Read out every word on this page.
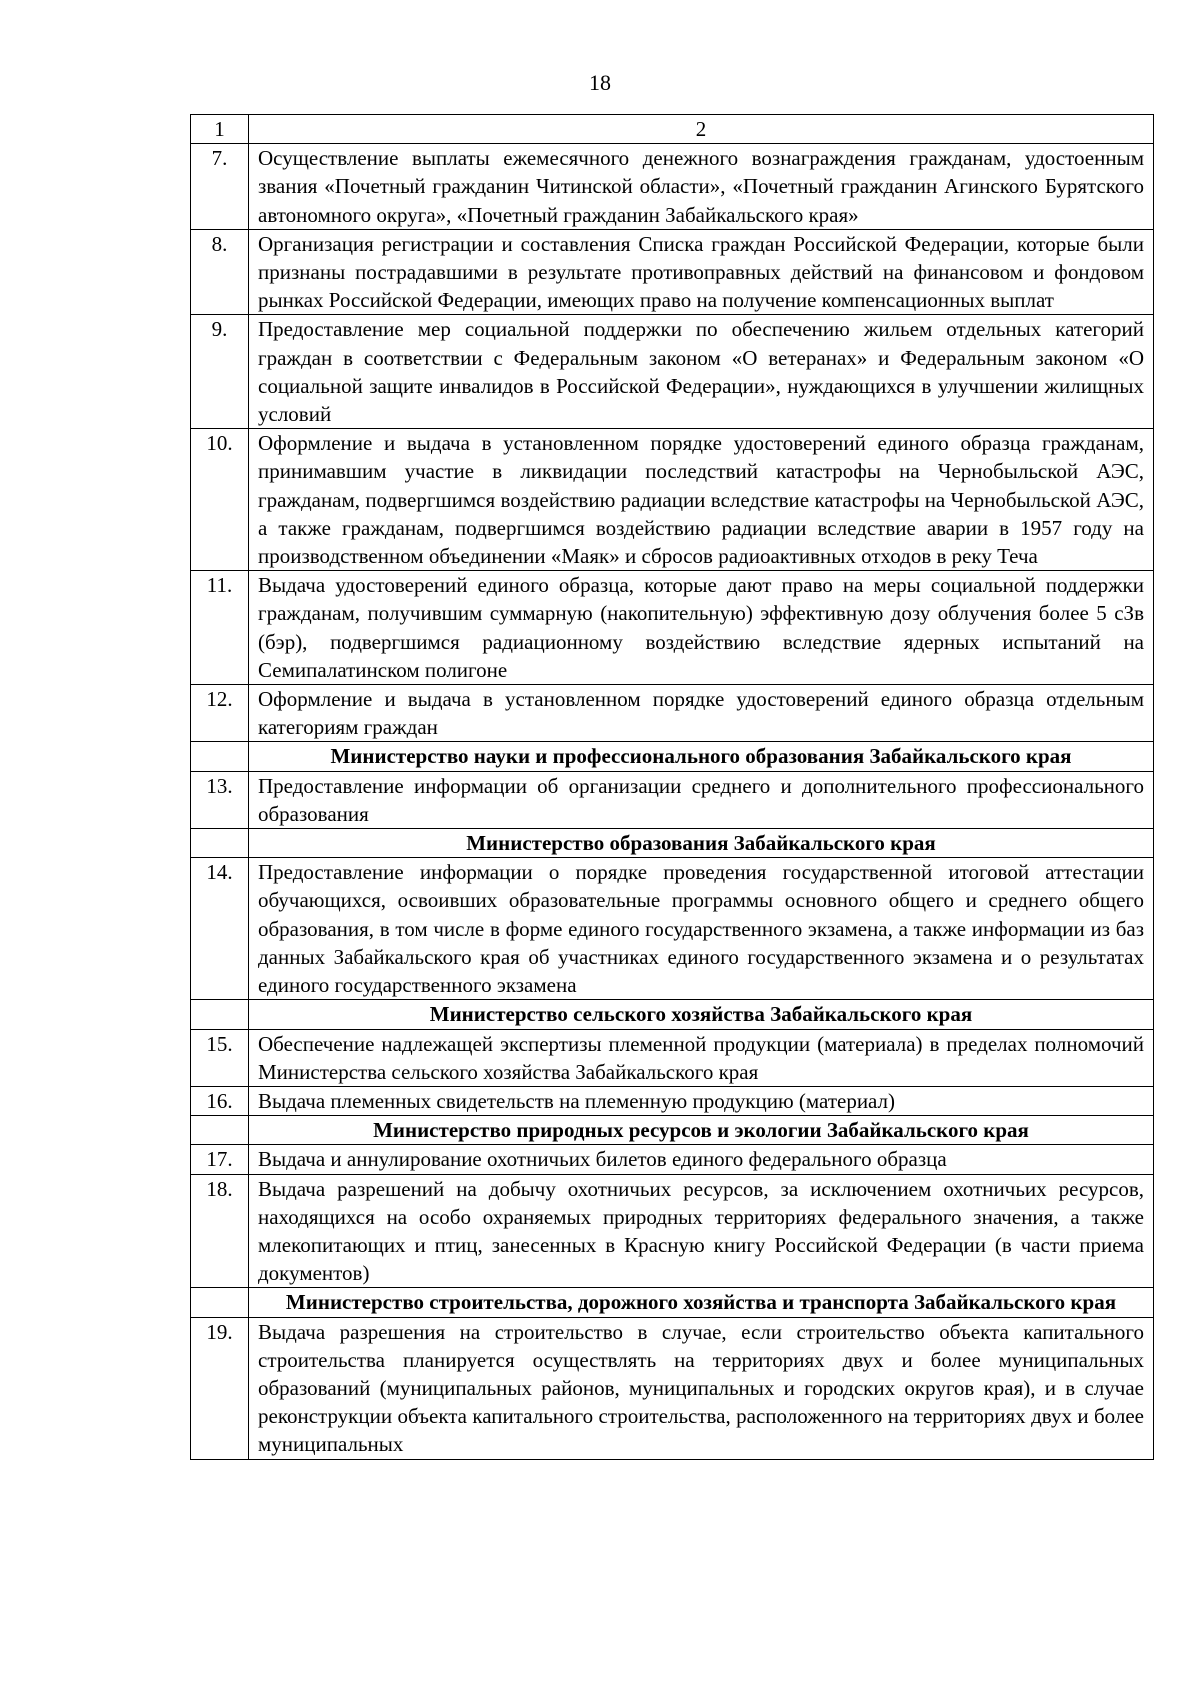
18
1	2
7.	Осуществление выплаты ежемесячного денежного вознаграждения гражданам, удостоенным звания «Почетный гражданин Читинской области», «Почетный гражданин Агинского Бурятского автономного округа», «Почетный гражданин Забайкальского края»
8.	Организация регистрации и составления Списка граждан Российской Федерации, которые были признаны пострадавшими в результате противоправных действий на финансовом и фондовом рынках Российской Федерации, имеющих право на получение компенсационных выплат
9.	Предоставление мер социальной поддержки по обеспечению жильем отдельных категорий граждан в соответствии с Федеральным законом «О ветеранах» и Федеральным законом «О социальной защите инвалидов в Российской Федерации», нуждающихся в улучшении жилищных условий
10.	Оформление и выдача в установленном порядке удостоверений единого образца гражданам, принимавшим участие в ликвидации последствий катастрофы на Чернобыльской АЭС, гражданам, подвергшимся воздействию радиации вследствие катастрофы на Чернобыльской АЭС, а также гражданам, подвергшимся воздействию радиации вследствие аварии в 1957 году на производственном объединении «Маяк» и сбросов радиоактивных отходов в реку Теча
11.	Выдача удостоверений единого образца, которые дают право на меры социальной поддержки гражданам, получившим суммарную (накопительную) эффективную дозу облучения более 5 сЗв (бэр), подвергшимся радиационному воздействию вследствие ядерных испытаний на Семипалатинском полигоне
12.	Оформление и выдача в установленном порядке удостоверений единого образца отдельным категориям граждан
	Министерство науки и профессионального образования Забайкальского края
13.	Предоставление информации об организации среднего и дополнительного профессионального образования
	Министерство образования Забайкальского края
14.	Предоставление информации о порядке проведения государственной итоговой аттестации обучающихся, освоивших образовательные программы основного общего и среднего общего образования, в том числе в форме единого государственного экзамена, а также информации из баз данных Забайкальского края об участниках единого государственного экзамена и о результатах единого государственного экзамена
	Министерство сельского хозяйства Забайкальского края
15.	Обеспечение надлежащей экспертизы племенной продукции (материала) в пределах полномочий Министерства сельского хозяйства Забайкальского края
16.	Выдача племенных свидетельств на племенную продукцию (материал)
	Министерство природных ресурсов и экологии Забайкальского края
17.	Выдача и аннулирование охотничьих билетов единого федерального образца
18.	Выдача разрешений на добычу охотничьих ресурсов, за исключением охотничьих ресурсов, находящихся на особо охраняемых природных территориях федерального значения, а также млекопитающих и птиц, занесенных в Красную книгу Российской Федерации (в части приема документов)
	Министерство строительства, дорожного хозяйства и транспорта Забайкальского края
19.	Выдача разрешения на строительство в случае, если строительство объекта капитального строительства планируется осуществлять на территориях двух и более муниципальных образований (муниципальных районов, муниципальных и городских округов края), и в случае реконструкции объекта капитального строительства, расположенного на территориях двух и более муниципальных
